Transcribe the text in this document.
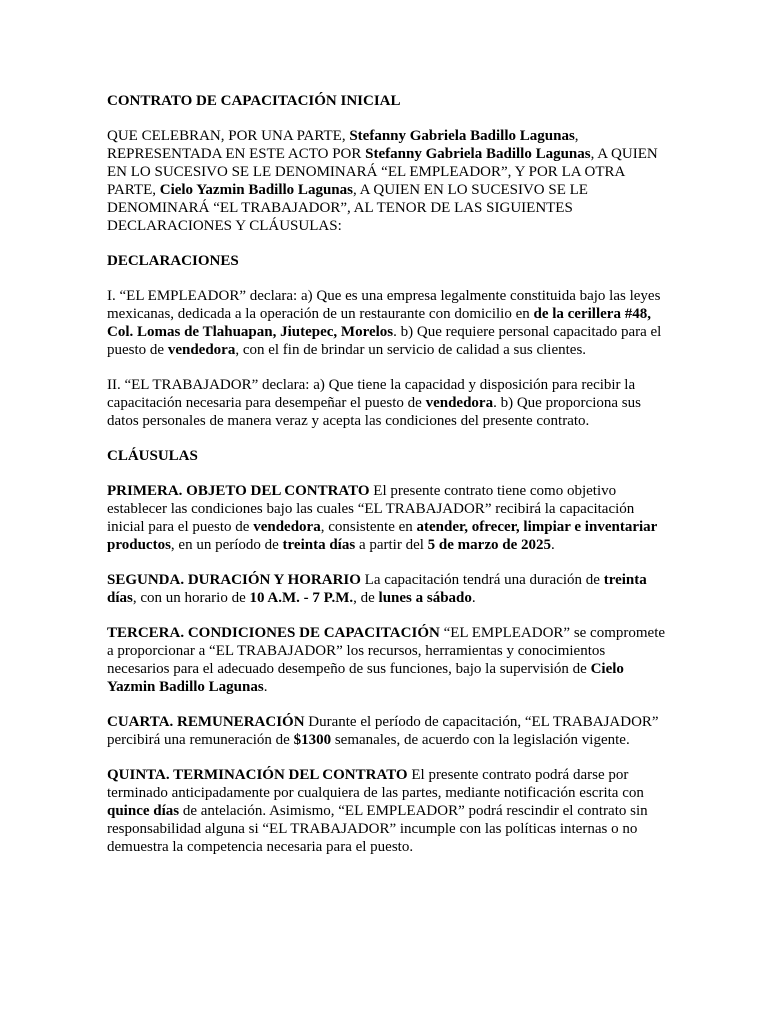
CONTRATO DE CAPACITACIÓN INICIAL

QUE CELEBRAN, POR UNA PARTE, Stefanny Gabriela Badillo Lagunas, REPRESENTADA EN ESTE ACTO POR Stefanny Gabriela Badillo Lagunas, A QUIEN EN LO SUCESIVO SE LE DENOMINARÁ “EL EMPLEADOR”, Y POR LA OTRA PARTE, Cielo Yazmin Badillo Lagunas, A QUIEN EN LO SUCESIVO SE LE DENOMINARÁ “EL TRABAJADOR”, AL TENOR DE LAS SIGUIENTES DECLARACIONES Y CLÁUSULAS:

DECLARACIONES

I. “EL EMPLEADOR” declara: a) Que es una empresa legalmente constituida bajo las leyes mexicanas, dedicada a la operación de un restaurante con domicilio en de la cerillera #48, Col. Lomas de Tlahuapan, Jiutepec, Morelos. b) Que requiere personal capacitado para el puesto de vendedora, con el fin de brindar un servicio de calidad a sus clientes.

II. “EL TRABAJADOR” declara: a) Que tiene la capacidad y disposición para recibir la capacitación necesaria para desempeñar el puesto de vendedora. b) Que proporciona sus datos personales de manera veraz y acepta las condiciones del presente contrato.

CLÁUSULAS

PRIMERA. OBJETO DEL CONTRATO El presente contrato tiene como objetivo establecer las condiciones bajo las cuales “EL TRABAJADOR” recibirá la capacitación inicial para el puesto de vendedora, consistente en atender, ofrecer, limpiar e inventariar productos, en un período de treinta días a partir del 5 de marzo de 2025.

SEGUNDA. DURACIÓN Y HORARIO La capacitación tendrá una duración de treinta días, con un horario de 10 A.M. - 7 P.M., de lunes a sábado.

TERCERA. CONDICIONES DE CAPACITACIÓN “EL EMPLEADOR” se compromete a proporcionar a “EL TRABAJADOR” los recursos, herramientas y conocimientos necesarios para el adecuado desempeño de sus funciones, bajo la supervisión de Cielo Yazmin Badillo Lagunas.

CUARTA. REMUNERACIÓN Durante el período de capacitación, “EL TRABAJADOR” percibirá una remuneración de $1300 semanales, de acuerdo con la legislación vigente.

QUINTA. TERMINACIÓN DEL CONTRATO El presente contrato podrá darse por terminado anticipadamente por cualquiera de las partes, mediante notificación escrita con quince días de antelación. Asimismo, “EL EMPLEADOR” podrá rescindir el contrato sin responsabilidad alguna si “EL TRABAJADOR” incumple con las políticas internas o no demuestra la competencia necesaria para el puesto.
